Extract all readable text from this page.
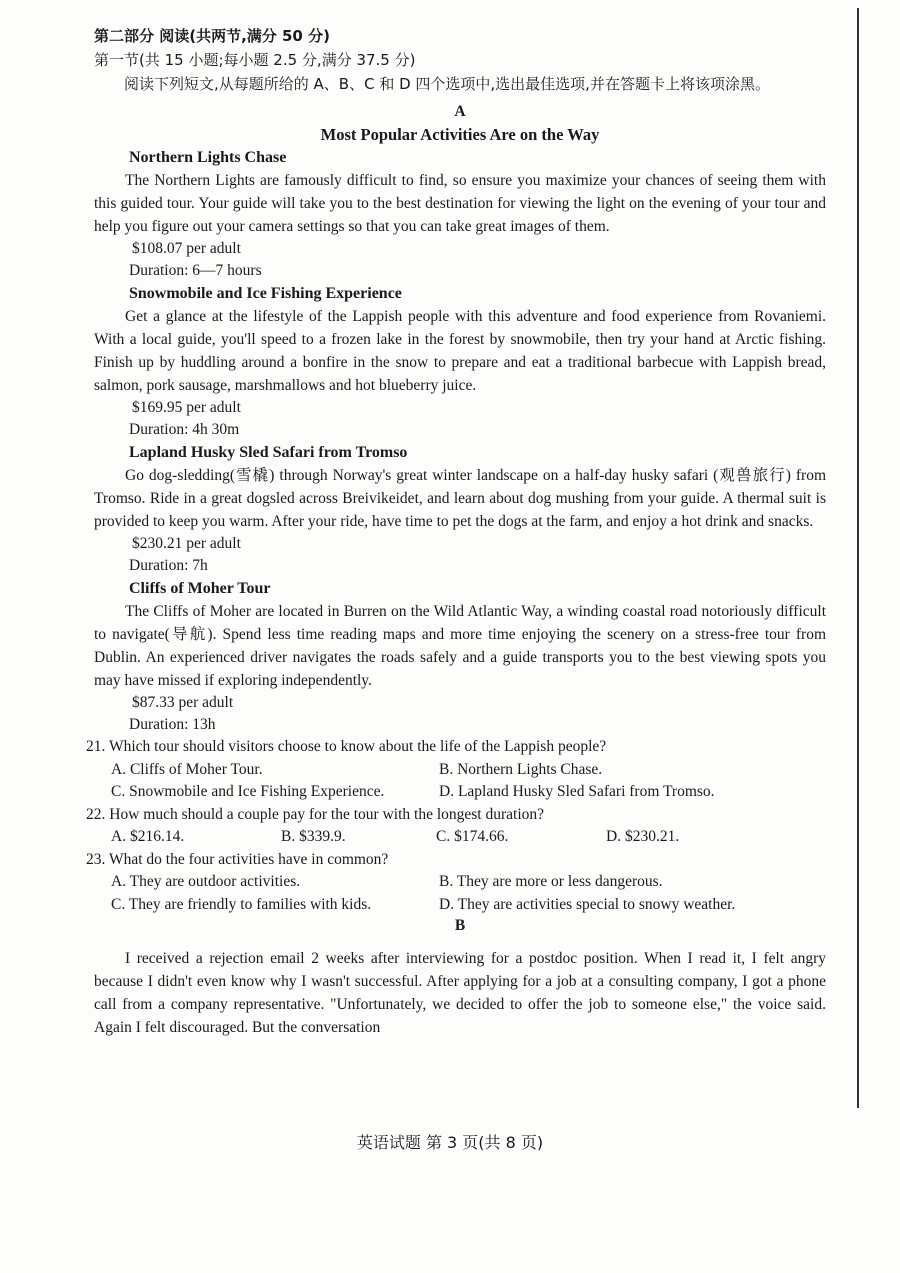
第二部分 阅读(共两节,满分 50 分)

第一节(共 15 小题;每小题 2.5 分,满分 37.5 分)

阅读下列短文,从每题所给的 A、B、C 和 D 四个选项中,选出最佳选项,并在答题卡上将该项涂黑。

A

Most Popular Activities Are on the Way

Northern Lights Chase

The Northern Lights are famously difficult to find, so ensure you maximize your chances of seeing them with this guided tour. Your guide will take you to the best destination for viewing the light on the evening of your tour and help you figure out your camera settings so that you can take great images of them.

$108.07 per adult

Duration: 6—7 hours

Snowmobile and Ice Fishing Experience

Get a glance at the lifestyle of the Lappish people with this adventure and food experience from Rovaniemi. With a local guide, you'll speed to a frozen lake in the forest by snowmobile, then try your hand at Arctic fishing. Finish up by huddling around a bonfire in the snow to prepare and eat a traditional barbecue with Lappish bread, salmon, pork sausage, marshmallows and hot blueberry juice.

$169.95 per adult

Duration: 4h 30m

Lapland Husky Sled Safari from Tromso

Go dog-sledding(雪橇) through Norway's great winter landscape on a half-day husky safari (观兽旅行) from Tromso. Ride in a great dogsled across Breivikeidet, and learn about dog mushing from your guide. A thermal suit is provided to keep you warm. After your ride, have time to pet the dogs at the farm, and enjoy a hot drink and snacks.

$230.21 per adult

Duration: 7h

Cliffs of Moher Tour

The Cliffs of Moher are located in Burren on the Wild Atlantic Way, a winding coastal road notoriously difficult to navigate(导航). Spend less time reading maps and more time enjoying the scenery on a stress-free tour from Dublin. An experienced driver navigates the roads safely and a guide transports you to the best viewing spots you may have missed if exploring independently.

$87.33 per adult

Duration: 13h

21. Which tour should visitors choose to know about the life of the Lappish people?

A. Cliffs of Moher Tour.	B. Northern Lights Chase.
C. Snowmobile and Ice Fishing Experience.	D. Lapland Husky Sled Safari from Tromso.

22. How much should a couple pay for the tour with the longest duration?

A. $216.14.	B. $339.9.	C. $174.66.	D. $230.21.

23. What do the four activities have in common?

A. They are outdoor activities.	B. They are more or less dangerous.
C. They are friendly to families with kids.	D. They are activities special to snowy weather.

B

I received a rejection email 2 weeks after interviewing for a postdoc position. When I read it, I felt angry because I didn't even know why I wasn't successful. After applying for a job at a consulting company, I got a phone call from a company representative. "Unfortunately, we decided to offer the job to someone else," the voice said. Again I felt discouraged. But the conversation

英语试题 第 3 页(共 8 页)
